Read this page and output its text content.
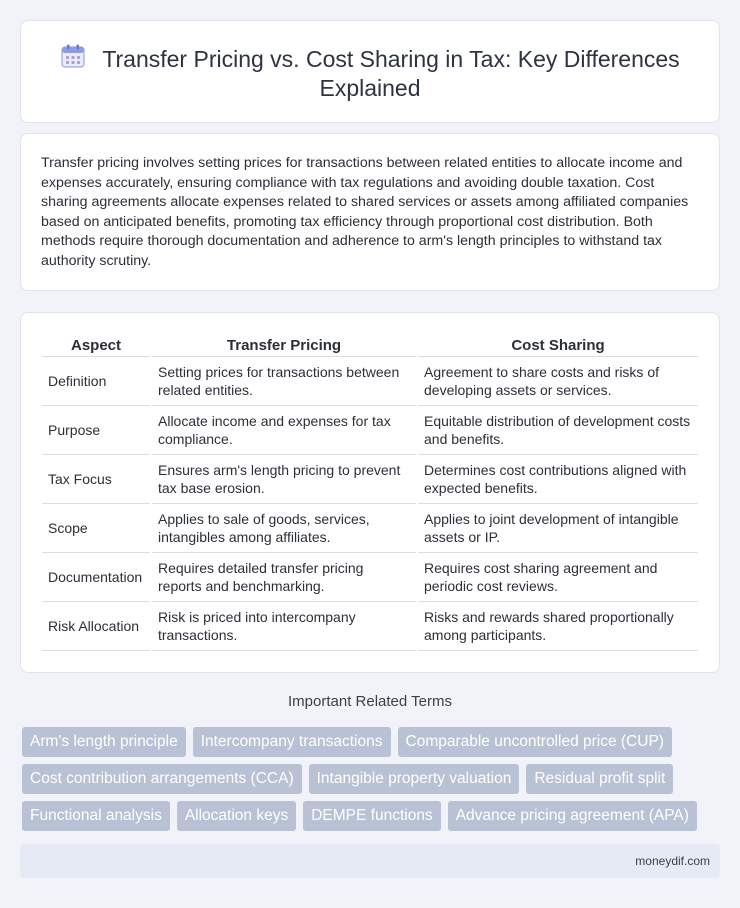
Transfer Pricing vs. Cost Sharing in Tax: Key Differences Explained

Transfer pricing involves setting prices for transactions between related entities to allocate income and expenses accurately, ensuring compliance with tax regulations and avoiding double taxation. Cost sharing agreements allocate expenses related to shared services or assets among affiliated companies based on anticipated benefits, promoting tax efficiency through proportional cost distribution. Both methods require thorough documentation and adherence to arm's length principles to withstand tax authority scrutiny.

Aspect	Transfer Pricing	Cost Sharing
Definition	Setting prices for transactions between related entities.	Agreement to share costs and risks of developing assets or services.
Purpose	Allocate income and expenses for tax compliance.	Equitable distribution of development costs and benefits.
Tax Focus	Ensures arm's length pricing to prevent tax base erosion.	Determines cost contributions aligned with expected benefits.
Scope	Applies to sale of goods, services, intangibles among affiliates.	Applies to joint development of intangible assets or IP.
Documentation	Requires detailed transfer pricing reports and benchmarking.	Requires cost sharing agreement and periodic cost reviews.
Risk Allocation	Risk is priced into intercompany transactions.	Risks and rewards shared proportionally among participants.
Important Related Terms
Arm's length principle	Intercompany transactions	Comparable uncontrolled price (CUP)
Cost contribution arrangements (CCA)	Intangible property valuation	Residual profit split
Functional analysis	Allocation keys	DEMPE functions	Advance pricing agreement (APA)
moneydif.com
